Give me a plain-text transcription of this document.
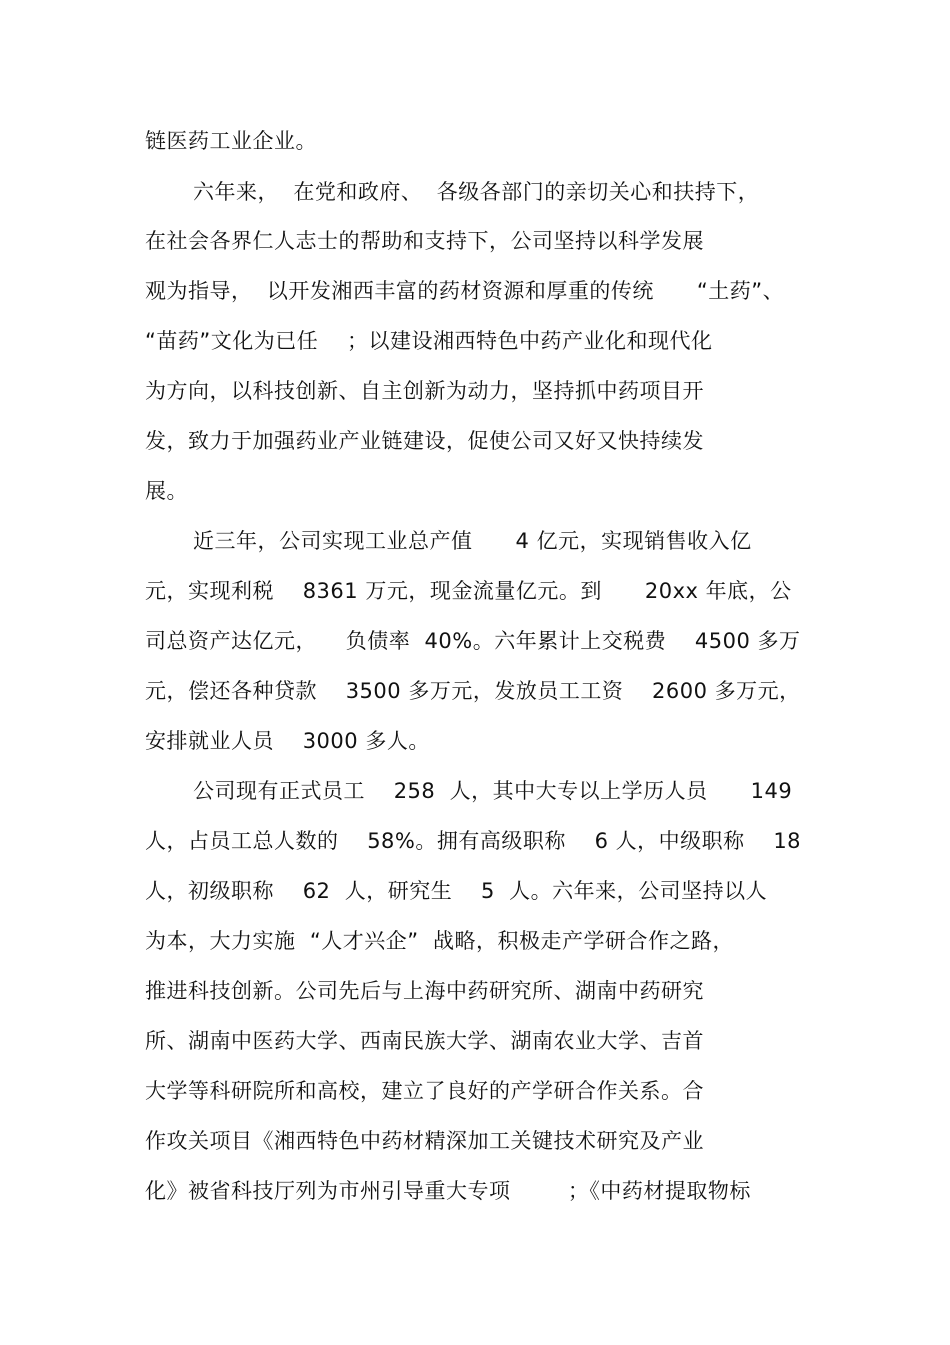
链医药工业企业。
六年来，  在党和政府、  各级各部门的亲切关心和扶持下，
在社会各界仁人志士的帮助和支持下，公司坚持以科学发展
观为指导，  以开发湘西丰富的药材资源和厚重的传统      “土药”、
“苗药”文化为已任    ；以建设湘西特色中药产业化和现代化
为方向，以科技创新、自主创新为动力，坚持抓中药项目开
发，致力于加强药业产业链建设，促使公司又好又快持续发
展。
近三年，公司实现工业总产值      4 亿元，实现销售收入亿
元，实现利税    8361 万元，现金流量亿元。到      20xx 年底，公
司总资产达亿元，    负债率  40%。六年累计上交税费    4500 多万
元，偿还各种贷款    3500 多万元，发放员工工资    2600 多万元，
安排就业人员    3000 多人。
公司现有正式员工    258  人，其中大专以上学历人员      149
人，占员工总人数的    58%。拥有高级职称    6 人，中级职称    18
人，初级职称    62  人，研究生    5  人。六年来，公司坚持以人
为本，大力实施  “人才兴企”  战略，积极走产学研合作之路，
推进科技创新。公司先后与上海中药研究所、湖南中药研究
所、湖南中医药大学、西南民族大学、湖南农业大学、吉首
大学等科研院所和高校，建立了良好的产学研合作关系。合
作攻关项目《湘西特色中药材精深加工关键技术研究及产业
化》被省科技厅列为市州引导重大专项        ；《中药材提取物标
